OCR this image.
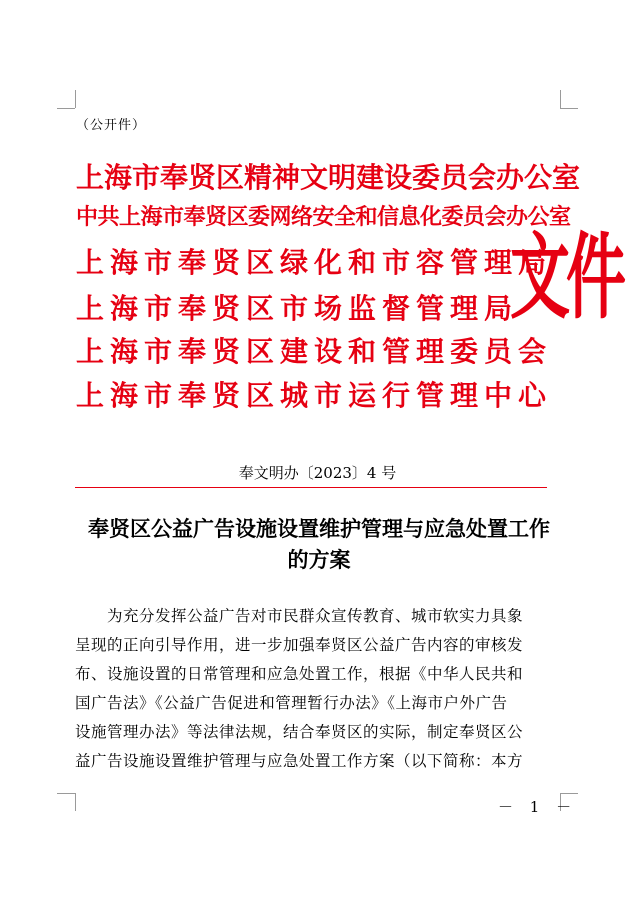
（公开件）
上海市奉贤区精神文明建设委员会办公室
中共上海市奉贤区委网络安全和信息化委员会办公室
上海市奉贤区绿化和市容管理局
上海市奉贤区市场监督管理局
上海市奉贤区建设和管理委员会
上海市奉贤区城市运行管理中心
文件
奉文明办〔2023〕4 号
奉贤区公益广告设施设置维护管理与应急处置工作
的方案
　　为充分发挥公益广告对市民群众宣传教育、城市软实力具象
呈现的正向引导作用，进一步加强奉贤区公益广告内容的审核发
布、设施设置的日常管理和应急处置工作，根据《中华人民共和
国广告法》《公益广告促进和管理暂行办法》《上海市户外广告
设施管理办法》等法律法规，结合奉贤区的实际，制定奉贤区公
益广告设施设置维护管理与应急处置工作方案（以下简称：本方
－ 1 －
